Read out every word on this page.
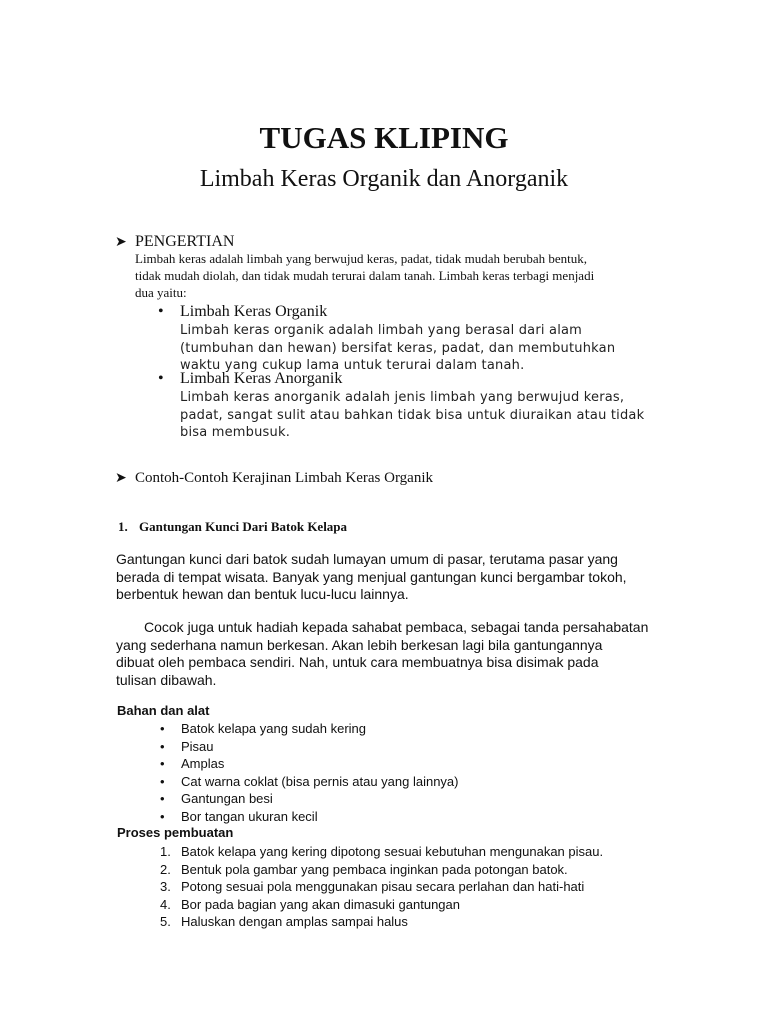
TUGAS KLIPING
Limbah Keras Organik dan Anorganik
➤ PENGERTIAN
Limbah keras adalah limbah yang berwujud keras, padat, tidak mudah berubah bentuk,
tidak mudah diolah, dan tidak mudah terurai dalam tanah. Limbah keras terbagi menjadi
dua yaitu:
• Limbah Keras Organik
Limbah keras organik adalah limbah yang berasal dari alam
(tumbuhan dan hewan) bersifat keras, padat, dan membutuhkan
waktu yang cukup lama untuk terurai dalam tanah.
• Limbah Keras Anorganik
Limbah keras anorganik adalah jenis limbah yang berwujud keras,
padat, sangat sulit atau bahkan tidak bisa untuk diuraikan atau tidak
bisa membusuk.
➤ Contoh-Contoh Kerajinan Limbah Keras Organik
1. Gantungan Kunci Dari Batok Kelapa
Gantungan kunci dari batok sudah lumayan umum di pasar, terutama pasar yang
berada di tempat wisata. Banyak yang menjual gantungan kunci bergambar tokoh,
berbentuk hewan dan bentuk lucu-lucu lainnya.
Cocok juga untuk hadiah kepada sahabat pembaca, sebagai tanda persahabatan
yang sederhana namun berkesan. Akan lebih berkesan lagi bila gantungannya
dibuat oleh pembaca sendiri. Nah, untuk cara membuatnya bisa disimak pada
tulisan dibawah.
Bahan dan alat
• Batok kelapa yang sudah kering
• Pisau
• Amplas
• Cat warna coklat (bisa pernis atau yang lainnya)
• Gantungan besi
• Bor tangan ukuran kecil
Proses pembuatan
1. Batok kelapa yang kering dipotong sesuai kebutuhan mengunakan pisau.
2. Bentuk pola gambar yang pembaca inginkan pada potongan batok.
3. Potong sesuai pola menggunakan pisau secara perlahan dan hati-hati
4. Bor pada bagian yang akan dimasuki gantungan
5. Haluskan dengan amplas sampai halus
